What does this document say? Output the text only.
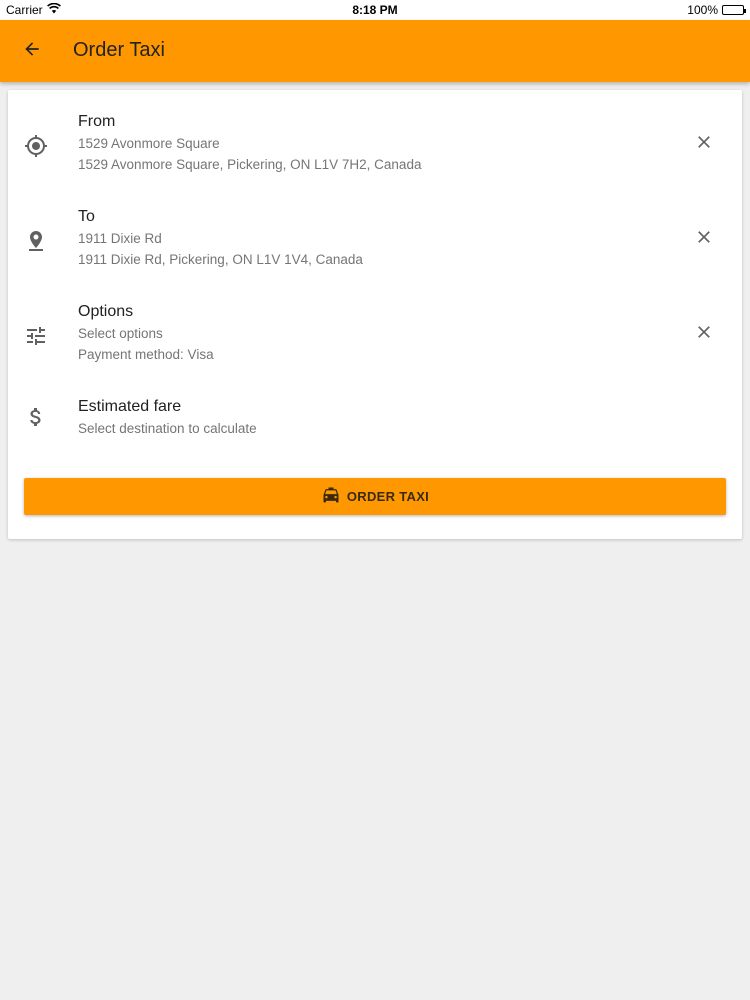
Carrier	8:18 PM	100%
Order Taxi
From
1529 Avonmore Square
1529 Avonmore Square, Pickering, ON L1V 7H2, Canada
To
1911 Dixie Rd
1911 Dixie Rd, Pickering, ON L1V 1V4, Canada
Options
Select options
Payment method: Visa
Estimated fare
Select destination to calculate
ORDER TAXI
